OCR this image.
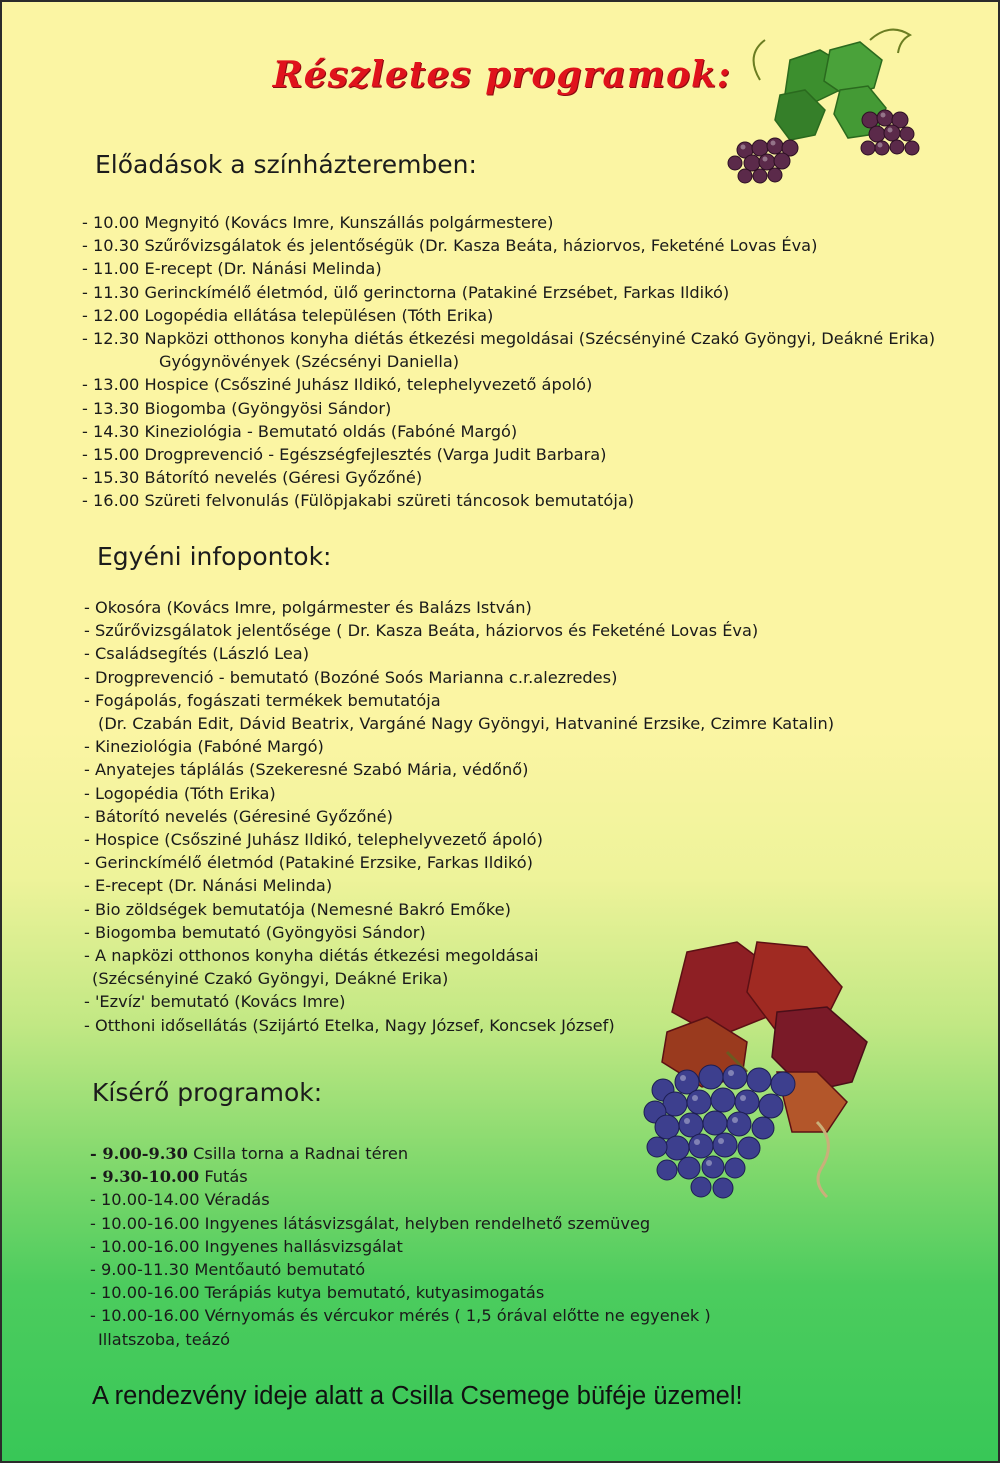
Részletes programok:
Előadások a színházteremben:
- 10.00 Megnyitó (Kovács Imre, Kunszállás polgármestere)
- 10.30 Szűrővizsgálatok és jelentőségük (Dr. Kasza Beáta, háziorvos, Feketéné Lovas Éva)
- 11.00 E-recept (Dr. Nánási Melinda)
- 11.30 Gerinckímélő életmód, ülő gerinctorna (Patakiné Erzsébet, Farkas Ildikó)
- 12.00 Logopédia ellátása településen (Tóth Erika)
- 12.30 Napközi otthonos konyha diétás étkezési megoldásai (Szécsényiné Czakó Gyöngyi, Deákné Erika)
Gyógynövények (Szécsényi Daniella)
- 13.00 Hospice (Csősziné Juhász Ildikó, telephelyvezető ápoló)
- 13.30 Biogomba (Gyöngyösi Sándor)
- 14.30 Kineziológia - Bemutató oldás (Fabóné Margó)
- 15.00 Drogprevenció - Egészségfejlesztés (Varga Judit Barbara)
- 15.30 Bátorító nevelés (Géresi Győzőné)
- 16.00 Szüreti felvonulás (Fülöpjakabi szüreti táncosok bemutatója)
Egyéni infopontok:
- Okosóra (Kovács Imre, polgármester és Balázs István)
- Szűrővizsgálatok jelentősége ( Dr. Kasza Beáta, háziorvos és Feketéné Lovas Éva)
- Családsegítés (László Lea)
- Drogprevenció - bemutató (Bozóné Soós Marianna c.r.alezredes)
- Fogápolás, fogászati termékek bemutatója
(Dr. Czabán Edit, Dávid Beatrix, Vargáné Nagy Gyöngyi, Hatvaniné Erzsike, Czimre Katalin)
- Kineziológia (Fabóné Margó)
- Anyatejes táplálás (Szekeresné Szabó Mária, védőnő)
- Logopédia (Tóth Erika)
- Bátorító nevelés (Géresiné Győzőné)
- Hospice (Csősziné Juhász Ildikó, telephelyvezető ápoló)
- Gerinckímélő életmód (Patakiné Erzsike, Farkas Ildikó)
- E-recept (Dr. Nánási Melinda)
- Bio zöldségek bemutatója (Nemesné Bakró Emőke)
- Biogomba bemutató (Gyöngyösi Sándor)
- A napközi otthonos konyha diétás étkezési megoldásai
(Szécsényiné Czakó Gyöngyi, Deákné Erika)
- 'Ezvíz' bemutató (Kovács Imre)
- Otthoni idősellátás (Szijártó Etelka, Nagy József, Koncsek József)
Kísérő programok:
- 9.00-9.30 Csilla torna a Radnai téren
- 9.30-10.00 Futás
- 10.00-14.00 Véradás
- 10.00-16.00 Ingyenes látásvizsgálat, helyben rendelhető szemüveg
- 10.00-16.00 Ingyenes hallásvizsgálat
- 9.00-11.30 Mentőautó bemutató
- 10.00-16.00 Terápiás kutya bemutató, kutyasimogatás
- 10.00-16.00 Vérnyomás és vércukor mérés ( 1,5 órával előtte ne egyenek )
Illatszoba, teázó
A rendezvény ideje alatt a Csilla Csemege büféje üzemel!
